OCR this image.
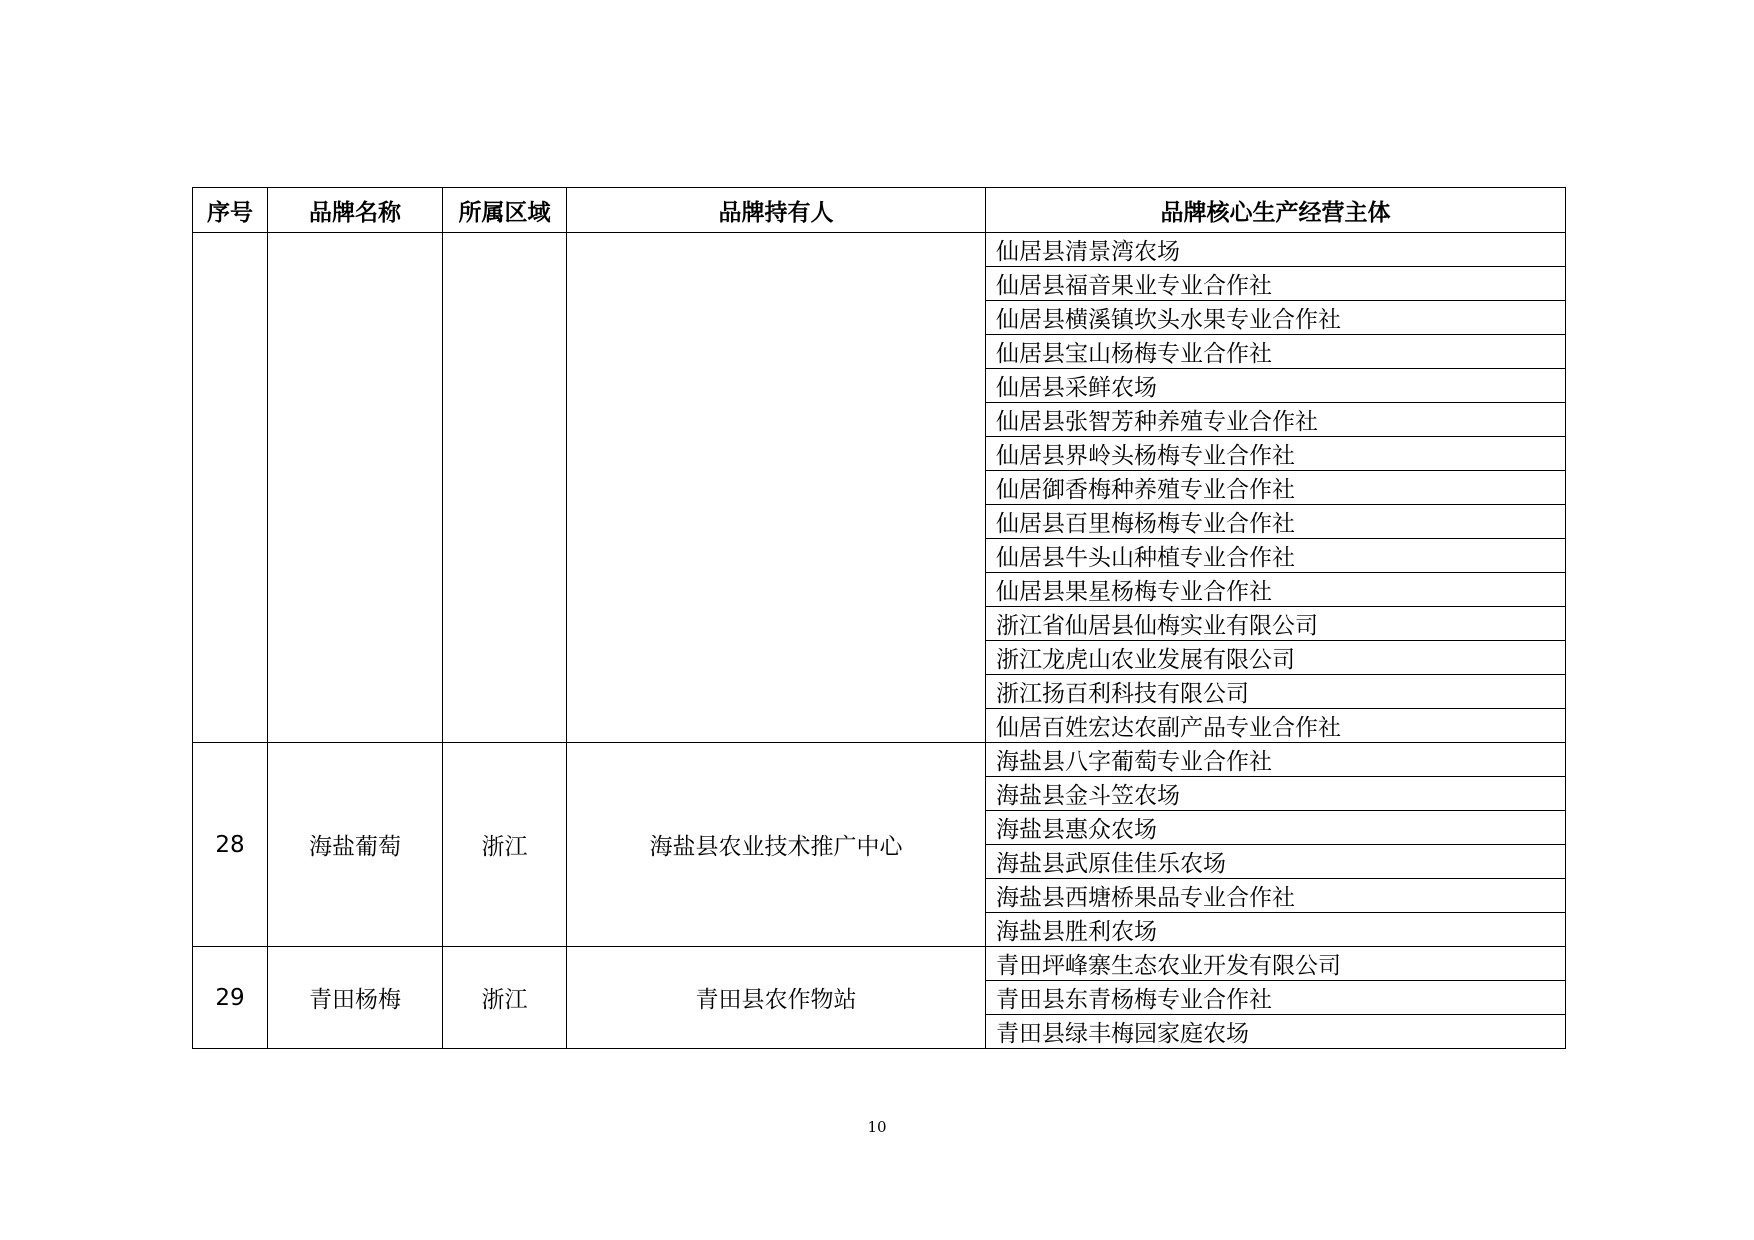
序号	品牌名称	所属区域	品牌持有人	品牌核心生产经营主体
				仙居县清景湾农场
				仙居县福音果业专业合作社
				仙居县横溪镇坎头水果专业合作社
				仙居县宝山杨梅专业合作社
				仙居县采鲜农场
				仙居县张智芳种养殖专业合作社
				仙居县界岭头杨梅专业合作社
				仙居御香梅种养殖专业合作社
				仙居县百里梅杨梅专业合作社
				仙居县牛头山种植专业合作社
				仙居县果星杨梅专业合作社
				浙江省仙居县仙梅实业有限公司
				浙江龙虎山农业发展有限公司
				浙江扬百利科技有限公司
				仙居百姓宏达农副产品专业合作社
28	海盐葡萄	浙江	海盐县农业技术推广中心	海盐县八字葡萄专业合作社
				海盐县金斗笠农场
				海盐县惠众农场
				海盐县武原佳佳乐农场
				海盐县西塘桥果品专业合作社
				海盐县胜利农场
29	青田杨梅	浙江	青田县农作物站	青田坪峰寨生态农业开发有限公司
				青田县东青杨梅专业合作社
				青田县绿丰梅园家庭农场
10
